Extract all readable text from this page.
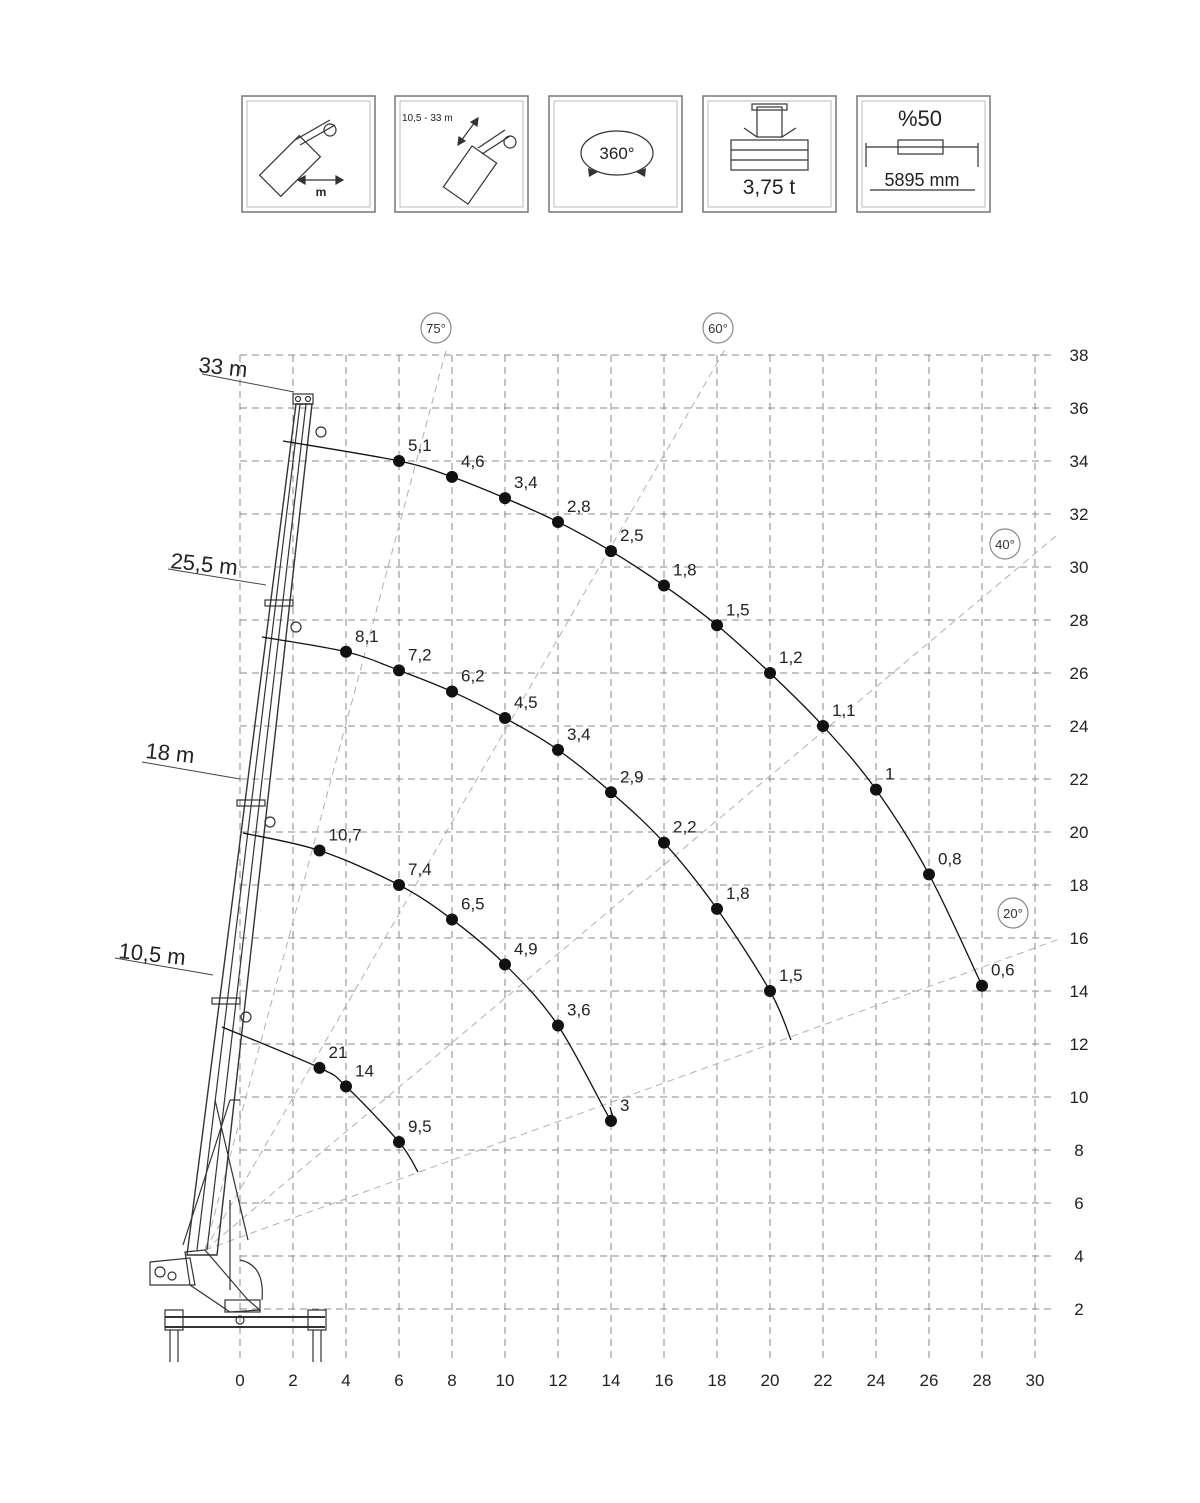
m
10,5 - 33 m
360°
3,75 t
%50
5895 mm
75°	60°
40°
20°
0	2	4	6	8 10 12 14 16 18 20 22 24 26 28 30
2
4
6
8
10
12
14
16
18
20
22
24
26
28
30
32
34
36
38
33 m
25,5 m
18 m
10,5 m
5,1
4,6
3,4
2,8
2,5
1,8
1,5
1,2
1,1
1
0,8
0,6
8,1
7,2
6,2
4,5
3,4
2,9
2,2
1,8
1,5
10,7
7,4
6,5
4,9
3,6
3
21
14
9,5
